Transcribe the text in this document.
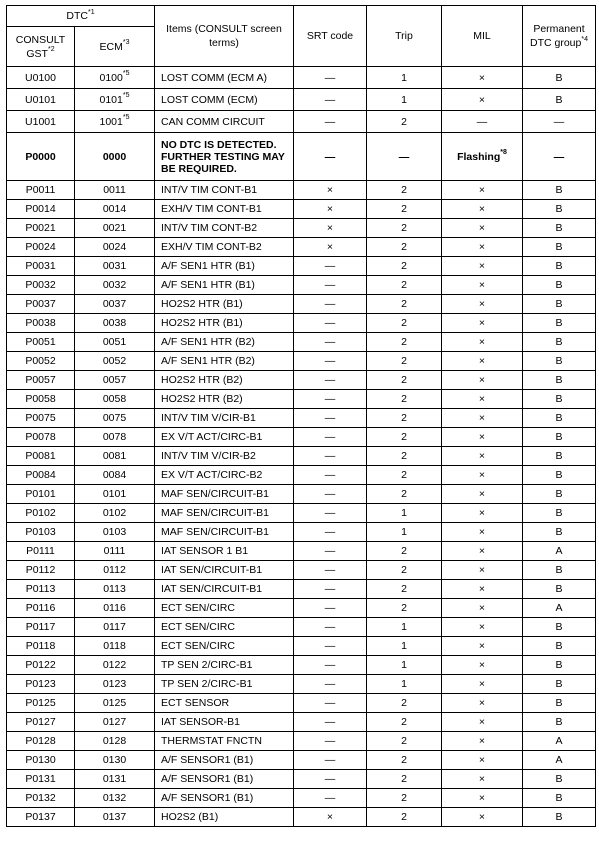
DTC$^{*1}$		Items (CONSULT screen terms)	SRT code	Trip	MIL	Permanent DTC group$^{*4}$
CONSULT GST$^{*2}$	ECM$^{*3}$
U0100	0100$^{*5}$	LOST COMM (ECM A)	—	1	×	B
U0101	0101$^{*5}$	LOST COMM (ECM)	—	1	×	B
U1001	1001$^{*5}$	CAN COMM CIRCUIT	—	2	—	—
P0000	0000	NO DTC IS DETECTED. FURTHER TESTING MAY BE REQUIRED.	—	—	Flashing$^{*8}$	—
P0011	0011	INT/V TIM CONT-B1	×	2	×	B
P0014	0014	EXH/V TIM CONT-B1	×	2	×	B
P0021	0021	INT/V TIM CONT-B2	×	2	×	B
P0024	0024	EXH/V TIM CONT-B2	×	2	×	B
P0031	0031	A/F SEN1 HTR (B1)	—	2	×	B
P0032	0032	A/F SEN1 HTR (B1)	—	2	×	B
P0037	0037	HO2S2 HTR (B1)	—	2	×	B
P0038	0038	HO2S2 HTR (B1)	—	2	×	B
P0051	0051	A/F SEN1 HTR (B2)	—	2	×	B
P0052	0052	A/F SEN1 HTR (B2)	—	2	×	B
P0057	0057	HO2S2 HTR (B2)	—	2	×	B
P0058	0058	HO2S2 HTR (B2)	—	2	×	B
P0075	0075	INT/V TIM V/CIR-B1	—	2	×	B
P0078	0078	EX V/T ACT/CIRC-B1	—	2	×	B
P0081	0081	INT/V TIM V/CIR-B2	—	2	×	B
P0084	0084	EX V/T ACT/CIRC-B2	—	2	×	B
P0101	0101	MAF SEN/CIRCUIT-B1	—	2	×	B
P0102	0102	MAF SEN/CIRCUIT-B1	—	1	×	B
P0103	0103	MAF SEN/CIRCUIT-B1	—	1	×	B
P0111	0111	IAT SENSOR 1 B1	—	2	×	A
P0112	0112	IAT SEN/CIRCUIT-B1	—	2	×	B
P0113	0113	IAT SEN/CIRCUIT-B1	—	2	×	B
P0116	0116	ECT SEN/CIRC	—	2	×	A
P0117	0117	ECT SEN/CIRC	—	1	×	B
P0118	0118	ECT SEN/CIRC	—	1	×	B
P0122	0122	TP SEN 2/CIRC-B1	—	1	×	B
P0123	0123	TP SEN 2/CIRC-B1	—	1	×	B
P0125	0125	ECT SENSOR	—	2	×	B
P0127	0127	IAT SENSOR-B1	—	2	×	B
P0128	0128	THERMSTAT FNCTN	—	2	×	A
P0130	0130	A/F SENSOR1 (B1)	—	2	×	A
P0131	0131	A/F SENSOR1 (B1)	—	2	×	B
P0132	0132	A/F SENSOR1 (B1)	—	2	×	B
P0137	0137	HO2S2 (B1)	×	2	×	B
